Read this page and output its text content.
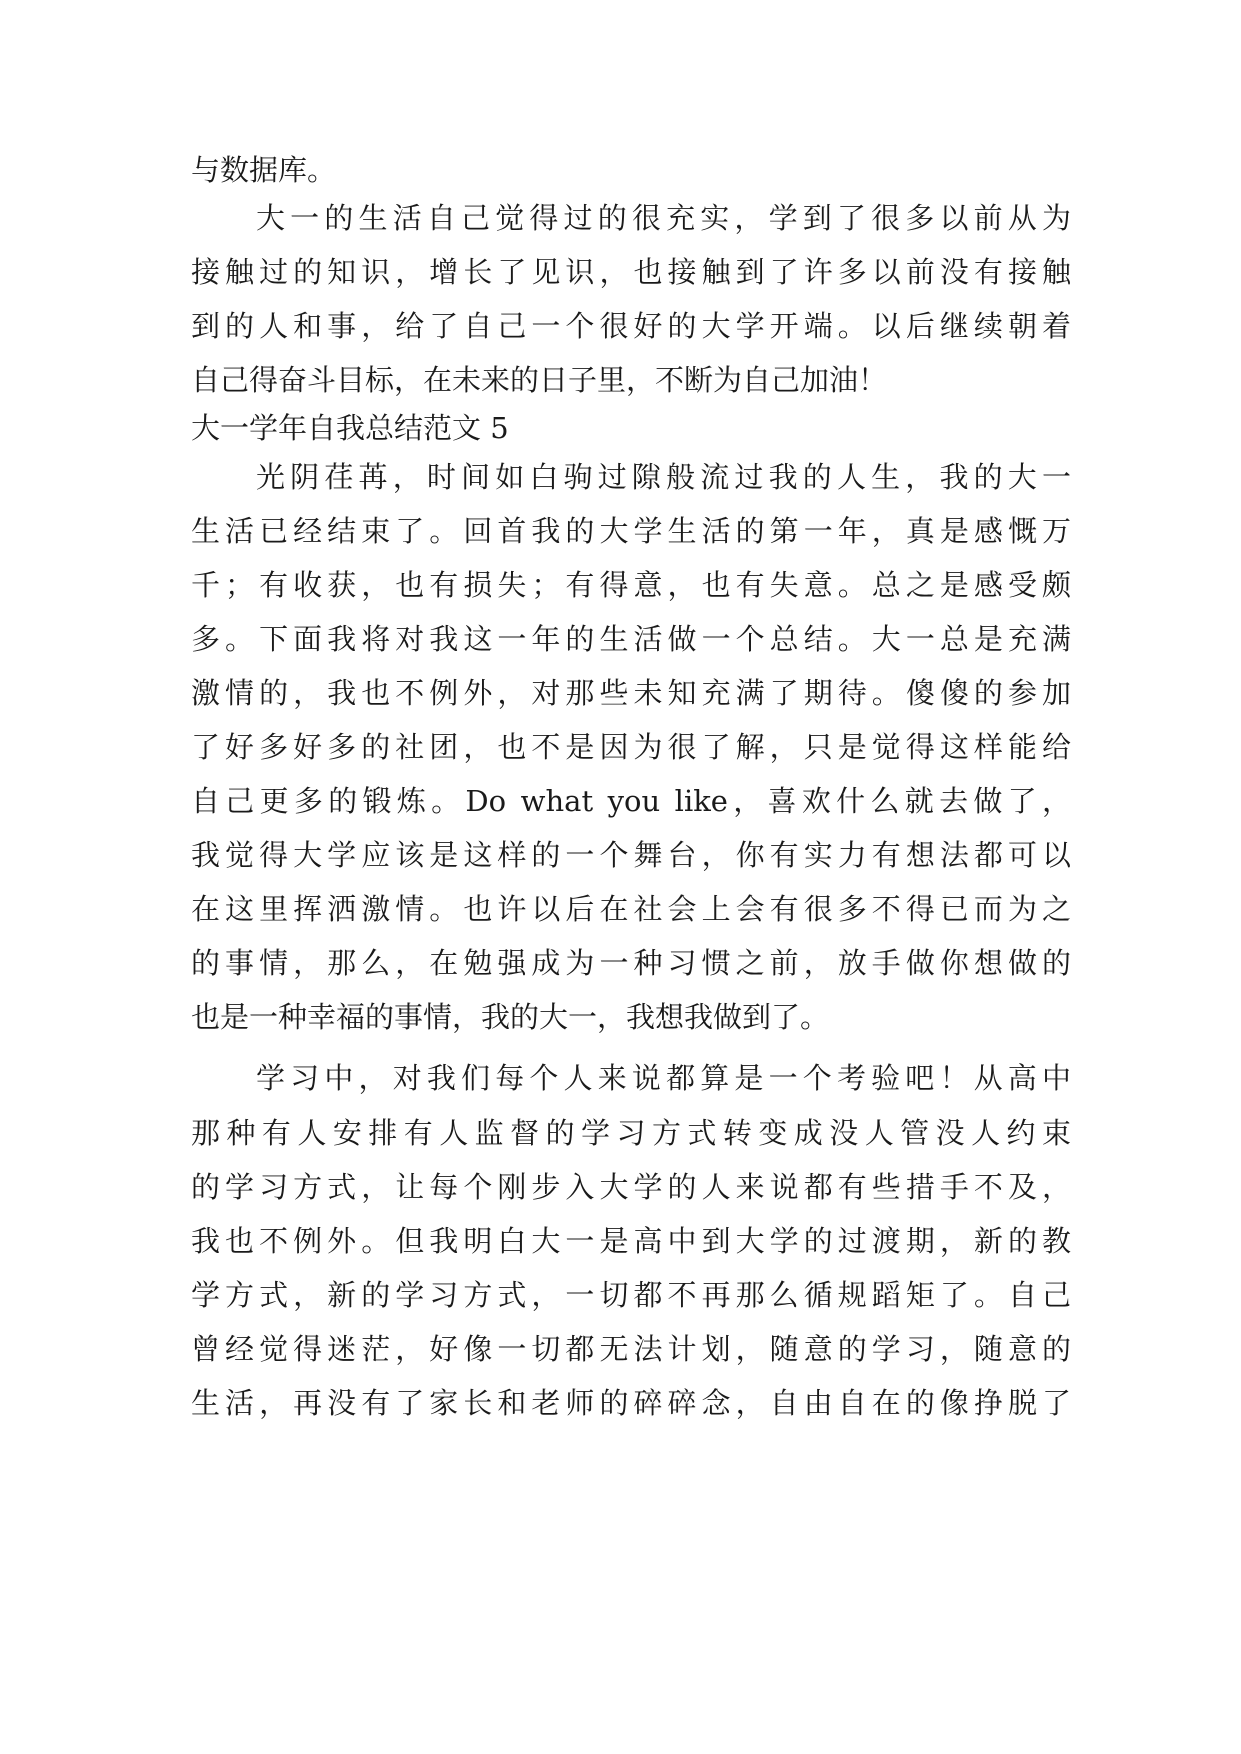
与数据库。
大一的生活自己觉得过的很充实，学到了很多以前从为
接触过的知识，增长了见识，也接触到了许多以前没有接触
到的人和事，给了自己一个很好的大学开端。以后继续朝着
自己得奋斗目标，在未来的日子里，不断为自己加油！
大一学年自我总结范文 5
光阴荏苒，时间如白驹过隙般流过我的人生，我的大一
生活已经结束了。回首我的大学生活的第一年，真是感慨万
千；有收获，也有损失；有得意，也有失意。总之是感受颇
多。下面我将对我这一年的生活做一个总结。大一总是充满
激情的，我也不例外，对那些未知充满了期待。傻傻的参加
了好多好多的社团，也不是因为很了解，只是觉得这样能给
自己更多的锻炼。Do what you like，喜欢什么就去做了，
我觉得大学应该是这样的一个舞台，你有实力有想法都可以
在这里挥洒激情。也许以后在社会上会有很多不得已而为之
的事情，那么，在勉强成为一种习惯之前，放手做你想做的
也是一种幸福的事情，我的大一，我想我做到了。
学习中，对我们每个人来说都算是一个考验吧！从高中
那种有人安排有人监督的学习方式转变成没人管没人约束
的学习方式，让每个刚步入大学的人来说都有些措手不及，
我也不例外。但我明白大一是高中到大学的过渡期，新的教
学方式，新的学习方式，一切都不再那么循规蹈矩了。自己
曾经觉得迷茫，好像一切都无法计划，随意的学习，随意的
生活，再没有了家长和老师的碎碎念，自由自在的像挣脱了
